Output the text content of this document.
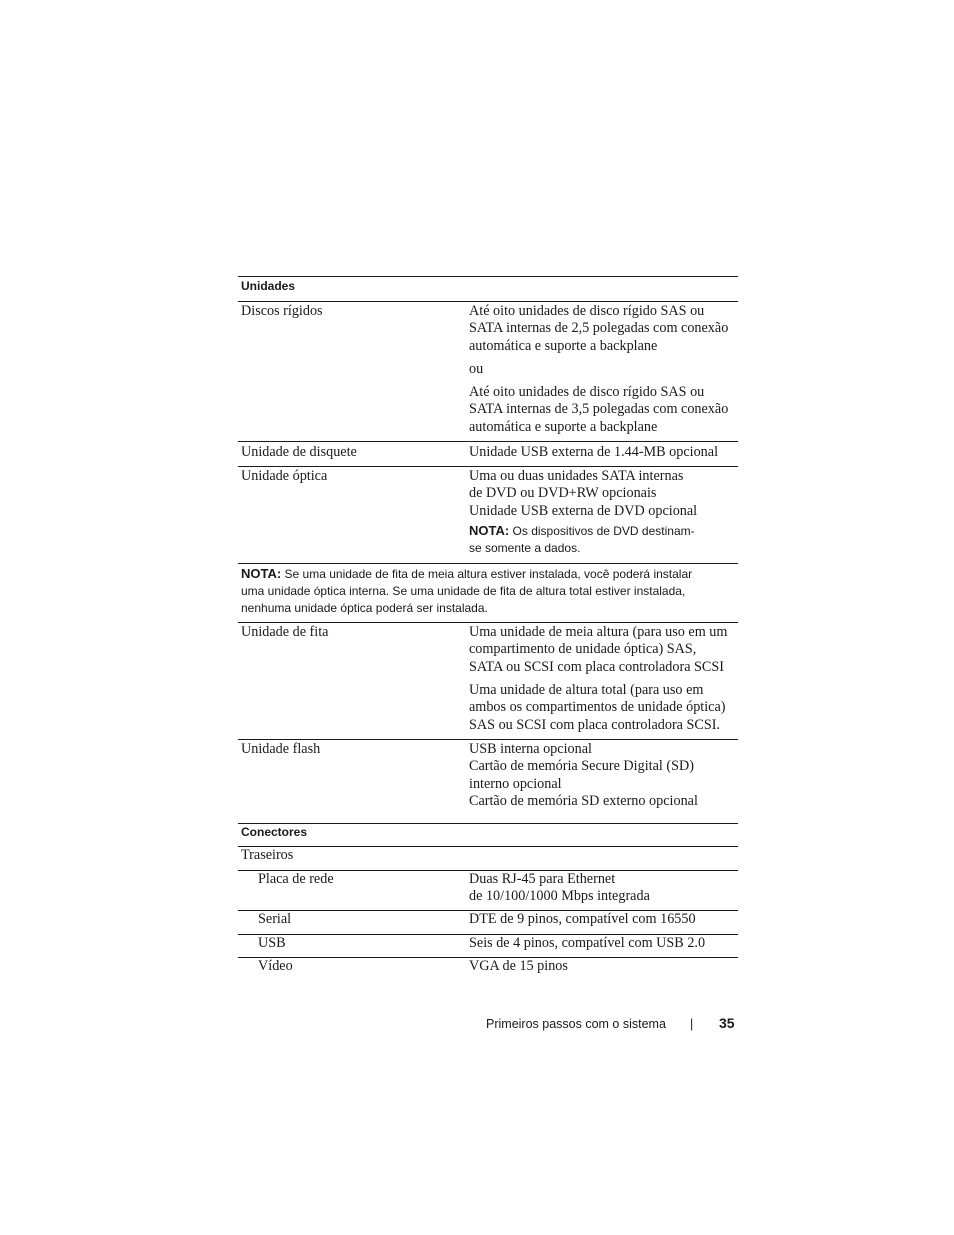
Unidades
Discos rígidos	Até oito unidades de disco rígido SAS ou
SATA internas de 2,5 polegadas com conexão
automática e suporte a backplane
ou
Até oito unidades de disco rígido SAS ou
SATA internas de 3,5 polegadas com conexão
automática e suporte a backplane
Unidade de disquete	Unidade USB externa de 1.44-MB opcional
Unidade óptica	Uma ou duas unidades SATA internas
de DVD ou DVD+RW opcionais
Unidade USB externa de DVD opcional
NOTA: Os dispositivos de DVD destinam-
se somente a dados.
NOTA: Se uma unidade de fita de meia altura estiver instalada, você poderá instalar
uma unidade óptica interna. Se uma unidade de fita de altura total estiver instalada,
nenhuma unidade óptica poderá ser instalada.
Unidade de fita	Uma unidade de meia altura (para uso em um
compartimento de unidade óptica) SAS,
SATA ou SCSI com placa controladora SCSI
Uma unidade de altura total (para uso em
ambos os compartimentos de unidade óptica)
SAS ou SCSI com placa controladora SCSI.
Unidade flash	USB interna opcional
Cartão de memória Secure Digital (SD)
interno opcional
Cartão de memória SD externo opcional
Conectores
Traseiros
Placa de rede	Duas RJ-45 para Ethernet
de 10/100/1000 Mbps integrada
Serial	DTE de 9 pinos, compatível com 16550
USB	Seis de 4 pinos, compatível com USB 2.0
Vídeo	VGA de 15 pinos
Primeiros passos com o sistema | 35
